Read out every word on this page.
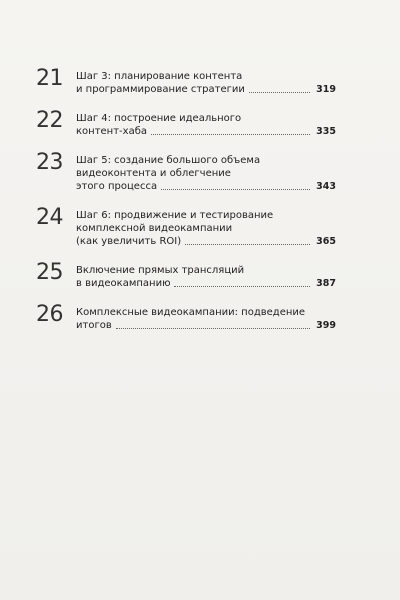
21	Шаг 3: планирование контента
и программирование стратегии	319
22	Шаг 4: построение идеального
контент-хаба	335
23	Шаг 5: создание большого объема
видеоконтента и облегчение
этого процесса	343
24	Шаг 6: продвижение и тестирование
комплексной видеокампании
(как увеличить ROI)	365
25	Включение прямых трансляций
в видеокампанию	387
26	Комплексные видеокампании: подведение
итогов	399
